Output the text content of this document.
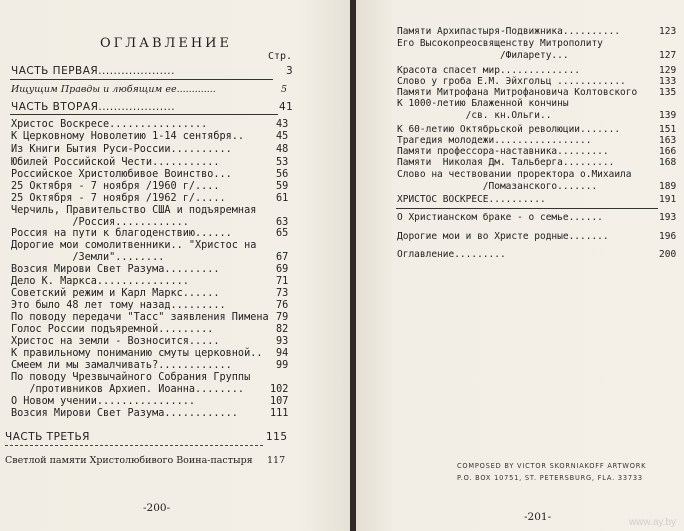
ОГЛАВЛЕНИЕ
Стр.
ЧАСТЬ ПЕРВАЯ....................	3
Ищущим Правды и любящим ее.............	5
ЧАСТЬ ВТОРАЯ....................	41
Христос Воскресе................	43
К Церковному Новолетию 1-14 сентября..	45
Из Книги Бытия Руси-России..........	48
Юбилей Российской Чести...........	53
Российское Христолюбивое Воинство...	56
25 Октября - 7 ноября /1960 г/....	59
25 Октября - 7 ноября /1962 г/.....	61
Черчиль, Правительство США и подъяремная
/Россия............	63
Россия на пути к благоденствию......	65
Дорогие мои сомолитвенники.. "Христос на
/Земли"........	67
Возсия Мирови Свет Разума.........	69
Дело К. Маркса...............	71
Советский режим и Карл Маркс......	73
Это было 48 лет тому назад.........	76
По поводу передачи "Тасс" заявления Пимена 79
Голос России подъяремной.........	82
Христос на земли - Возносится.....	93
К правильному пониманию смуты церковной.. 94
Смеем ли мы замалчивать?............	99
По поводу Чрезвычайного Собрания Группы
/противников Архиеп. Иоанна........	102
О Новом учении................	107
Возсия Мирови Свет Разума............	111
ЧАСТЬ ТРЕТЬЯ	115
Светлой памяти Христолюбивого Воина-пастыря 117
-200-
Памяти Архипастыря-Подвижника..........	123
Его Высокопреосвященству Митрополиту
/Филарету...	127
Красота спасет мир..............	129
Слово у гроба Е.М. Эйхгольц ............	133
Памяти Митрофана Митрофановича Колтовского 135
К 1000-летию Блаженной кончины
/св. кн.Ольги..	139
К 60-летию Октябрьской революции.......	151
Трагедия молодежи.................	163
Памяти профессора-наставника.........	166
Памяти  Николая Дм. Тальберга.........	168
Слово на чествовании проректора о.Михаила
/Помазанского.......	189
ХРИСТОС ВОСКРЕСЕ..........	191
О Христианском браке - о семье......	193
Дорогие мои и во Христе родные.......	196
Оглавление.........	200
COMPOSED BY VICTOR SKORNIAKOFF ARTWORK
P.O. BOX 10751, ST. PETERSBURG, FLA. 33733
-201-	www.ay.by
